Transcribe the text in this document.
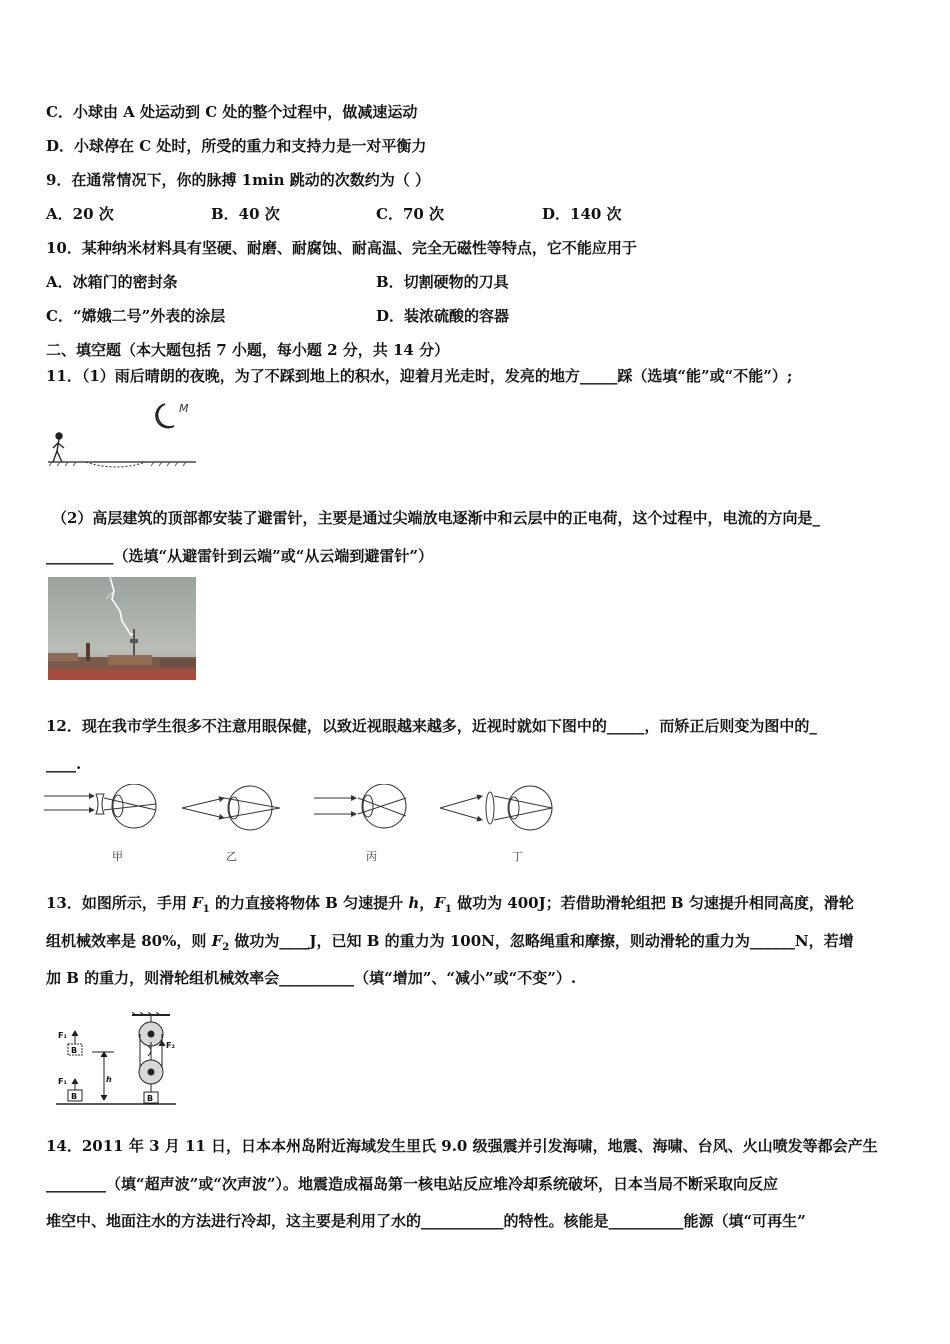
C．小球由 A 处运动到 C 处的整个过程中，做减速运动
D．小球停在 C 处时，所受的重力和支持力是一对平衡力
9．在通常情况下，你的脉搏 1min 跳动的次数约为（ ）
A．20 次	B．40 次	C．70 次	D．140 次
10．某种纳米材料具有坚硬、耐磨、耐腐蚀、耐高温、完全无磁性等特点，它不能应用于
A．冰箱门的密封条	B．切割硬物的刀具
C．“嫦娥二号”外表的涂层	D．装浓硫酸的容器
二、填空题（本大题包括 7 小题，每小题 2 分，共 14 分）
11．（1）雨后晴朗的夜晚，为了不踩到地上的积水，迎着月光走时，发亮的地方_____踩（选填“能”或“不能”）;
M
（2）高层建筑的顶部都安装了避雷针，主要是通过尖端放电逐渐中和云层中的正电荷，这个过程中，电流的方向是_
_________（选填“从避雷针到云端”或“从云端到避雷针”）
12．现在我市学生很多不注意用眼保健，以致近视眼越来越多，近视时就如下图中的_____，而矫正后则变为图中的_
____.
甲	乙	丙	丁
13．如图所示，手用 $F_1$ 的力直接将物体 B 匀速提升 h，$F_1$ 做功为 400J；若借助滑轮组把 B 匀速提升相同高度，滑轮
组机械效率是 80%，则 $F_2$ 做功为____J，已知 B 的重力为 100N，忽略绳重和摩擦，则动滑轮的重力为______N，若增
加 B 的重力，则滑轮组机械效率会__________（填“增加”、“减小”或“不变”）.
F₁
B
F₁
B
h
F₂
B
14．2011 年 3 月 11 日，日本本州岛附近海域发生里氏 9.0 级强震并引发海啸，地震、海啸、台风、火山喷发等都会产生
________（填“超声波”或“次声波”）。地震造成福岛第一核电站反应堆冷却系统破坏，日本当局不断采取向反应
堆空中、地面注水的方法进行冷却，这主要是利用了水的___________的特性。核能是__________能源（填“可再生”
